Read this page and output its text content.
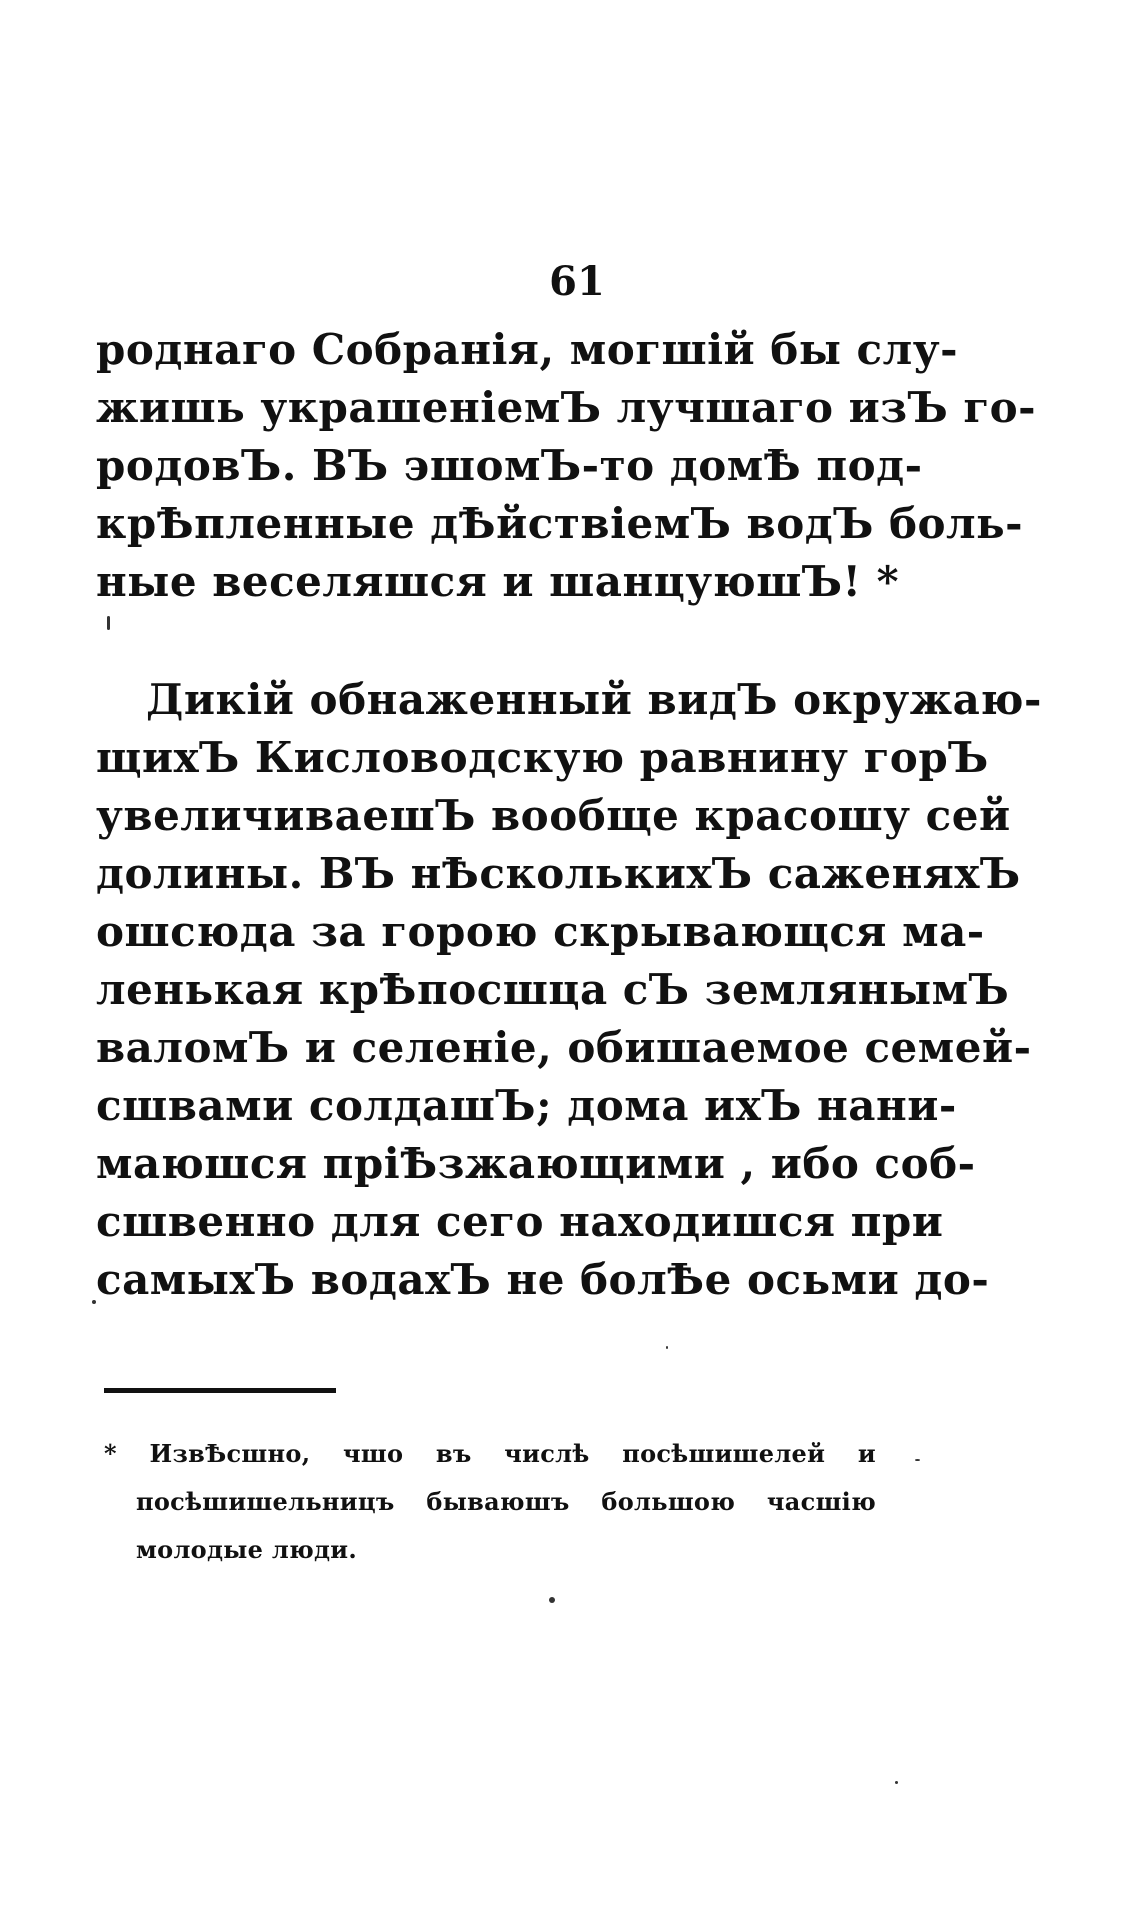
61
роднаго Собранія, могшій бы слу-
жишь украшеніемЪ лучшаго изЪ го-
родовЪ. ВЪ эшомЪ-то домѢ под-
крѢпленные дѢйствіемЪ водЪ боль-
ные веселяшся и шанцуюшЪ! *
Дикій обнаженный видЪ окружаю-
щихЪ Кисловодскую равнину горЪ
увеличиваешЪ вообще красошу сей
долины. ВЪ нѢсколькихЪ саженяхЪ
ошсюда за горою скрывающся ма-
ленькая крѢпосшца сЪ землянымЪ
валомЪ и селеніе, обишаемое семей-
сшвами солдашЪ; дома ихЪ нани-
маюшся пріѢзжающими , ибо соб-
сшвенно для сего находишся при
самыхЪ водахЪ не болѢе осьми до-
* ИзвѢсшно, чшо въ числѣ посѣшишелей и
посѣшишельницъ бываюшъ большою часшію
молодые люди.
